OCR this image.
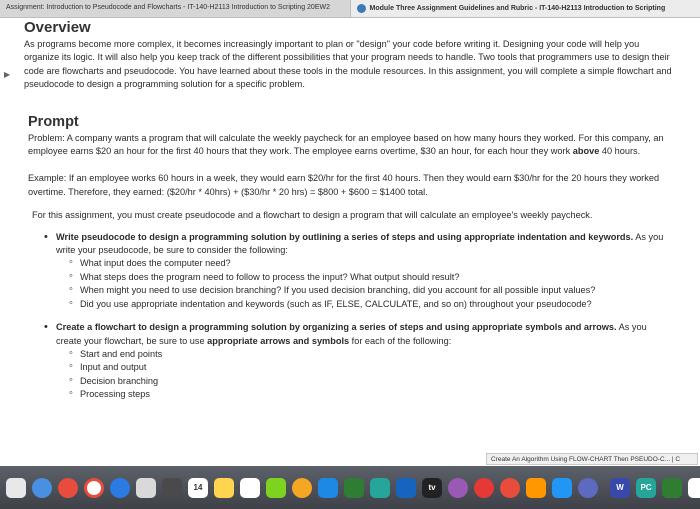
Assignment: Introduction to Pseudocode and Flowcharts - IT-140-H2113 Introduction to Scripting 20EW2	Module Three Assignment Guidelines and Rubric - IT-140-H2113 Introduction to Scripting
▶
Overview

As programs become more complex, it becomes increasingly important to plan or "design" your code before writing it. Designing your code will help you organize its logic. It will also help you keep track of the different possibilities that your program needs to handle. Two tools that programmers use to design their code are flowcharts and pseudocode. You have learned about these tools in the module resources. In this assignment, you will complete a simple flowchart and pseudocode to design a programming solution for a specific problem.

Prompt

Problem: A company wants a program that will calculate the weekly paycheck for an employee based on how many hours they worked. For this company, an employee earns $20 an hour for the first 40 hours that they work. The employee earns overtime, $30 an hour, for each hour they work above 40 hours.

Example: If an employee works 60 hours in a week, they would earn $20/hr for the first 40 hours. Then they would earn $30/hr for the 20 hours they worked overtime. Therefore, they earned: ($20/hr * 40hrs) + ($30/hr * 20 hrs) = $800 + $600 = $1400 total.

For this assignment, you must create pseudocode and a flowchart to design a program that will calculate an employee's weekly paycheck.

• Write pseudocode to design a programming solution by outlining a series of steps and using appropriate indentation and keywords. As you write your pseudocode, be sure to consider the following:
◦ What input does the computer need?
◦ What steps does the program need to follow to process the input? What output should result?
◦ When might you need to use decision branching? If you used decision branching, did you account for all possible input values?
◦ Did you use appropriate indentation and keywords (such as IF, ELSE, CALCULATE, and so on) throughout your pseudocode?
• Create a flowchart to design a programming solution by organizing a series of steps and using appropriate symbols and arrows. As you create your flowchart, be sure to use appropriate arrows and symbols for each of the following:
◦ Start and end points
◦ Input and output
◦ Decision branching
◦ Processing steps
Create An Algorithm Using FLOW-CHART Then PSEUDO-C... | C
14	tv	W	PC
